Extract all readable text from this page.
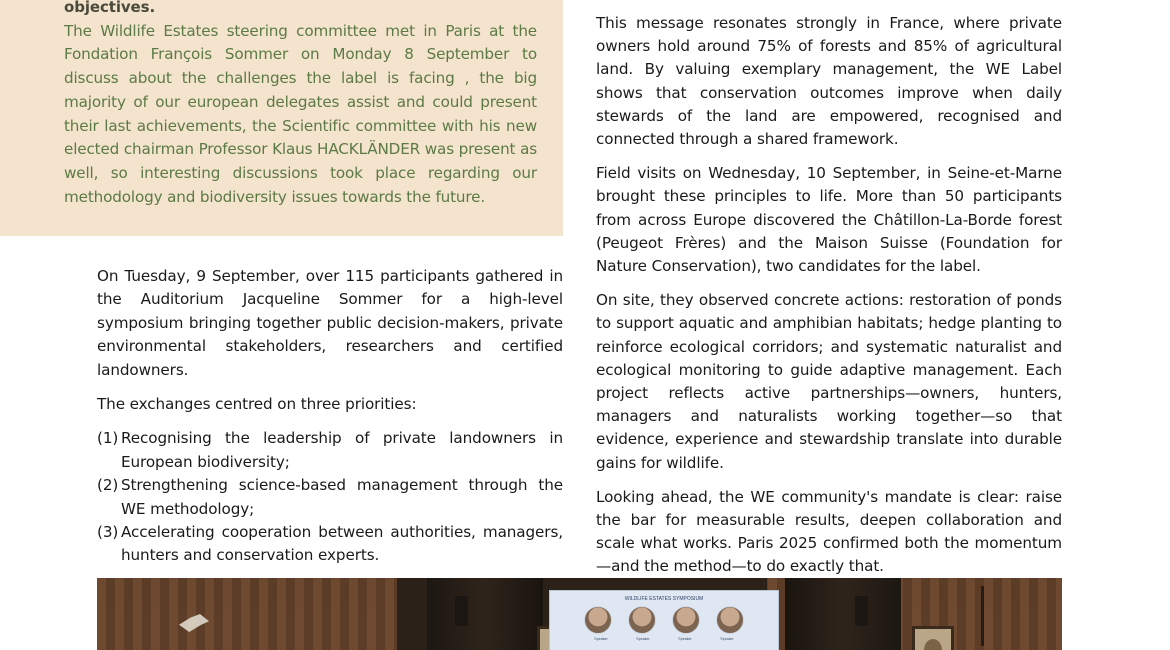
objectives.

The Wildlife Estates steering committee met in Paris at the Fondation François Sommer on Monday 8 September to discuss about the challenges the label is facing , the big majority of our european delegates assist and could present their last achievements, the Scientific committee with his new elected chairman Professor Klaus HACKLÄNDER was present as well, so interesting discussions took place regarding our methodology and biodiversity issues towards the future.

On Tuesday, 9 September, over 115 participants gathered in the Auditorium Jacqueline Sommer for a high-level symposium bringing together public decision-makers, private environmental stakeholders, researchers and certified landowners.

The exchanges centred on three priorities:

(1) Recognising the leadership of private landowners in European biodiversity;
(2) Strengthening science-based management through the WE methodology;
(3) Accelerating cooperation between authorities, managers, hunters and conservation experts.

This message resonates strongly in France, where private owners hold around 75% of forests and 85% of agricultural land. By valuing exemplary management, the WE Label shows that conservation outcomes improve when daily stewards of the land are empowered, recognised and connected through a shared framework.

Field visits on Wednesday, 10 September, in Seine-et-Marne brought these principles to life. More than 50 participants from across Europe discovered the Châtillon-La-Borde forest (Peugeot Frères) and the Maison Suisse (Foundation for Nature Conservation), two candidates for the label.

On site, they observed concrete actions: restoration of ponds to support aquatic and amphibian habitats; hedge planting to reinforce ecological corridors; and systematic naturalist and ecological monitoring to guide adaptive management. Each project reflects active partnerships—owners, hunters, managers and naturalists working together—so that evidence, experience and stewardship translate into durable gains for wildlife.

Looking ahead, the WE community's mandate is clear: raise the bar for measurable results, deepen collaboration and scale what works. Paris 2025 confirmed both the momentum—and the method—to do exactly that.

WILDLIFE ESTATES SYMPOSIUM
Speaker	Speaker	Speaker	Speaker
